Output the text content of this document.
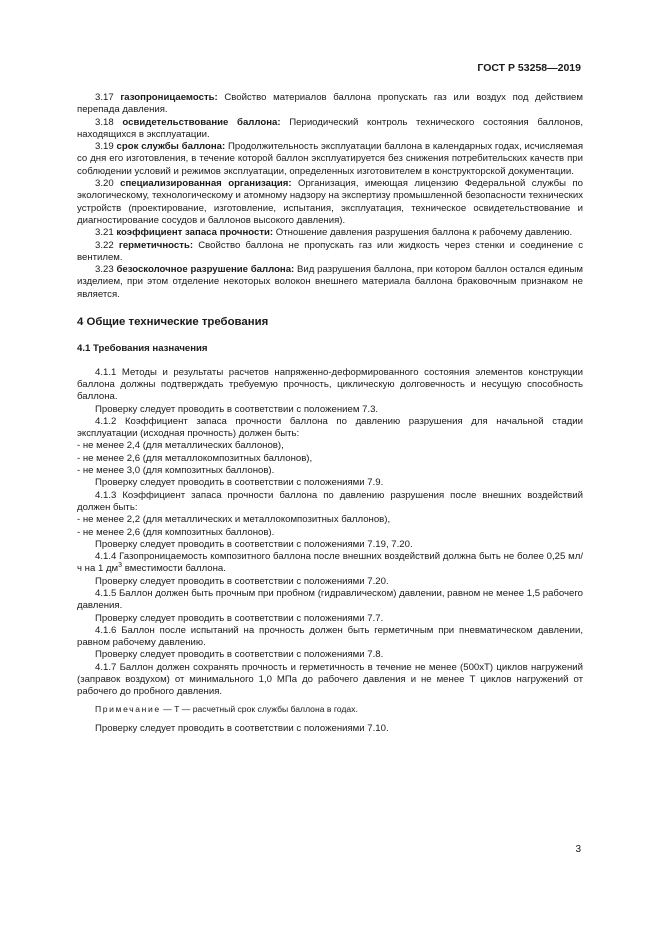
ГОСТ Р 53258—2019

3.17 газопроницаемость: Свойство материалов баллона пропускать газ или воздух под действием перепада давления.

3.18 освидетельствование баллона: Периодический контроль технического состояния баллонов, находящихся в эксплуатации.

3.19 срок службы баллона: Продолжительность эксплуатации баллона в календарных годах, исчисляемая со дня его изготовления, в течение которой баллон эксплуатируется без снижения потребительских качеств при соблюдении условий и режимов эксплуатации, определенных изготовителем в конструкторской документации.

3.20 специализированная организация: Организация, имеющая лицензию Федеральной службы по экологическому, технологическому и атомному надзору на экспертизу промышленной безопасности технических устройств (проектирование, изготовление, испытания, эксплуатация, техническое освидетельствование и диагностирование сосудов и баллонов высокого давления).

3.21 коэффициент запаса прочности: Отношение давления разрушения баллона к рабочему давлению.

3.22 герметичность: Свойство баллона не пропускать газ или жидкость через стенки и соединение с вентилем.

3.23 безосколочное разрушение баллона: Вид разрушения баллона, при котором баллон остался единым изделием, при этом отделение некоторых волокон внешнего материала баллона браковочным признаком не является.

4 Общие технические требования

4.1 Требования назначения

4.1.1 Методы и результаты расчетов напряженно-деформированного состояния элементов конструкции баллона должны подтверждать требуемую прочность, циклическую долговечность и несущую способность баллона.

Проверку следует проводить в соответствии с положением 7.3.

4.1.2 Коэффициент запаса прочности баллона по давлению разрушения для начальной стадии эксплуатации (исходная прочность) должен быть:

- не менее 2,4 (для металлических баллонов),

- не менее 2,6 (для металлокомпозитных баллонов),

- не менее 3,0 (для композитных баллонов).

Проверку следует проводить в соответствии с положениями 7.9.

4.1.3 Коэффициент запаса прочности баллона по давлению разрушения после внешних воздействий должен быть:

- не менее 2,2 (для металлических и металлокомпозитных баллонов),

- не менее 2,6 (для композитных баллонов).

Проверку следует проводить в соответствии с положениями 7.19, 7.20.

4.1.4 Газопроницаемость композитного баллона после внешних воздействий должна быть не более 0,25 мл/ч на 1 $дм^3$ вместимости баллона.

Проверку следует проводить в соответствии с положениями 7.20.

4.1.5 Баллон должен быть прочным при пробном (гидравлическом) давлении, равном не менее 1,5 рабочего давления.

Проверку следует проводить в соответствии с положениями 7.7.

4.1.6 Баллон после испытаний на прочность должен быть герметичным при пневматическом давлении, равном рабочему давлению.

Проверку следует проводить в соответствии с положениями 7.8.

4.1.7 Баллон должен сохранять прочность и герметичность в течение не менее (500хТ) циклов нагружений (заправок воздухом) от минимального 1,0 МПа до рабочего давления и не менее Т циклов нагружений от рабочего до пробного давления.

Примечание — Т — расчетный срок службы баллона в годах.

Проверку следует проводить в соответствии с положениями 7.10.

3
